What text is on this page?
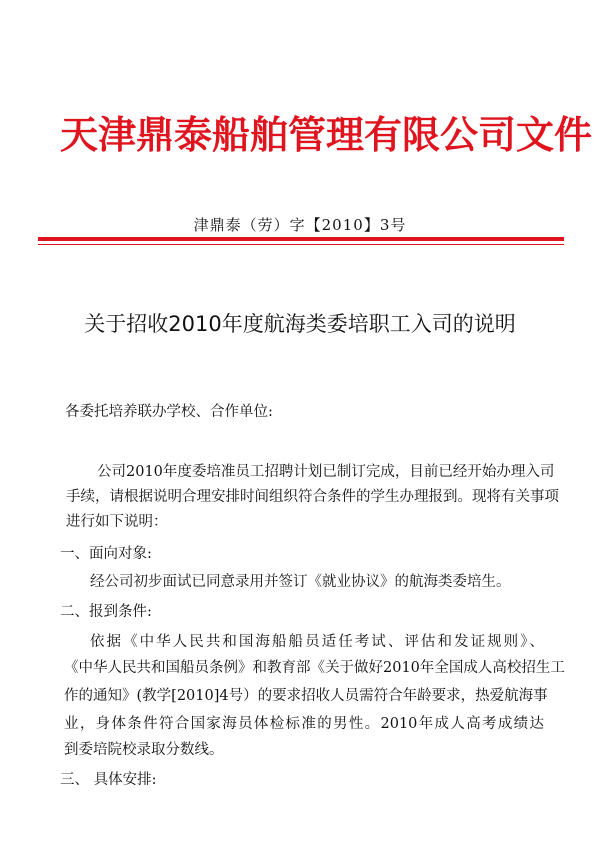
天津鼎泰船舶管理有限公司文件
津鼎泰（劳）字【2010】3号
关于招收2010年度航海类委培职工入司的说明
各委托培养联办学校、合作单位:
公司2010年度委培准员工招聘计划已制订完成，目前已经开始办理入司
手续，请根据说明合理安排时间组织符合条件的学生办理报到。现将有关事项
进行如下说明：
一、面向对象:
经公司初步面试已同意录用并签订《就业协议》的航海类委培生。
二、报到条件:
依据《中华人民共和国海船船员适任考试、评估和发证规则》、
《中华人民共和国船员条例》和教育部《关于做好2010年全国成人高校招生工
作的通知》(教学[2010]4号）的要求招收人员需符合年龄要求，热爱航海事
业，身体条件符合国家海员体检标准的男性。2010年成人高考成绩达
到委培院校录取分数线。
三、 具体安排:
